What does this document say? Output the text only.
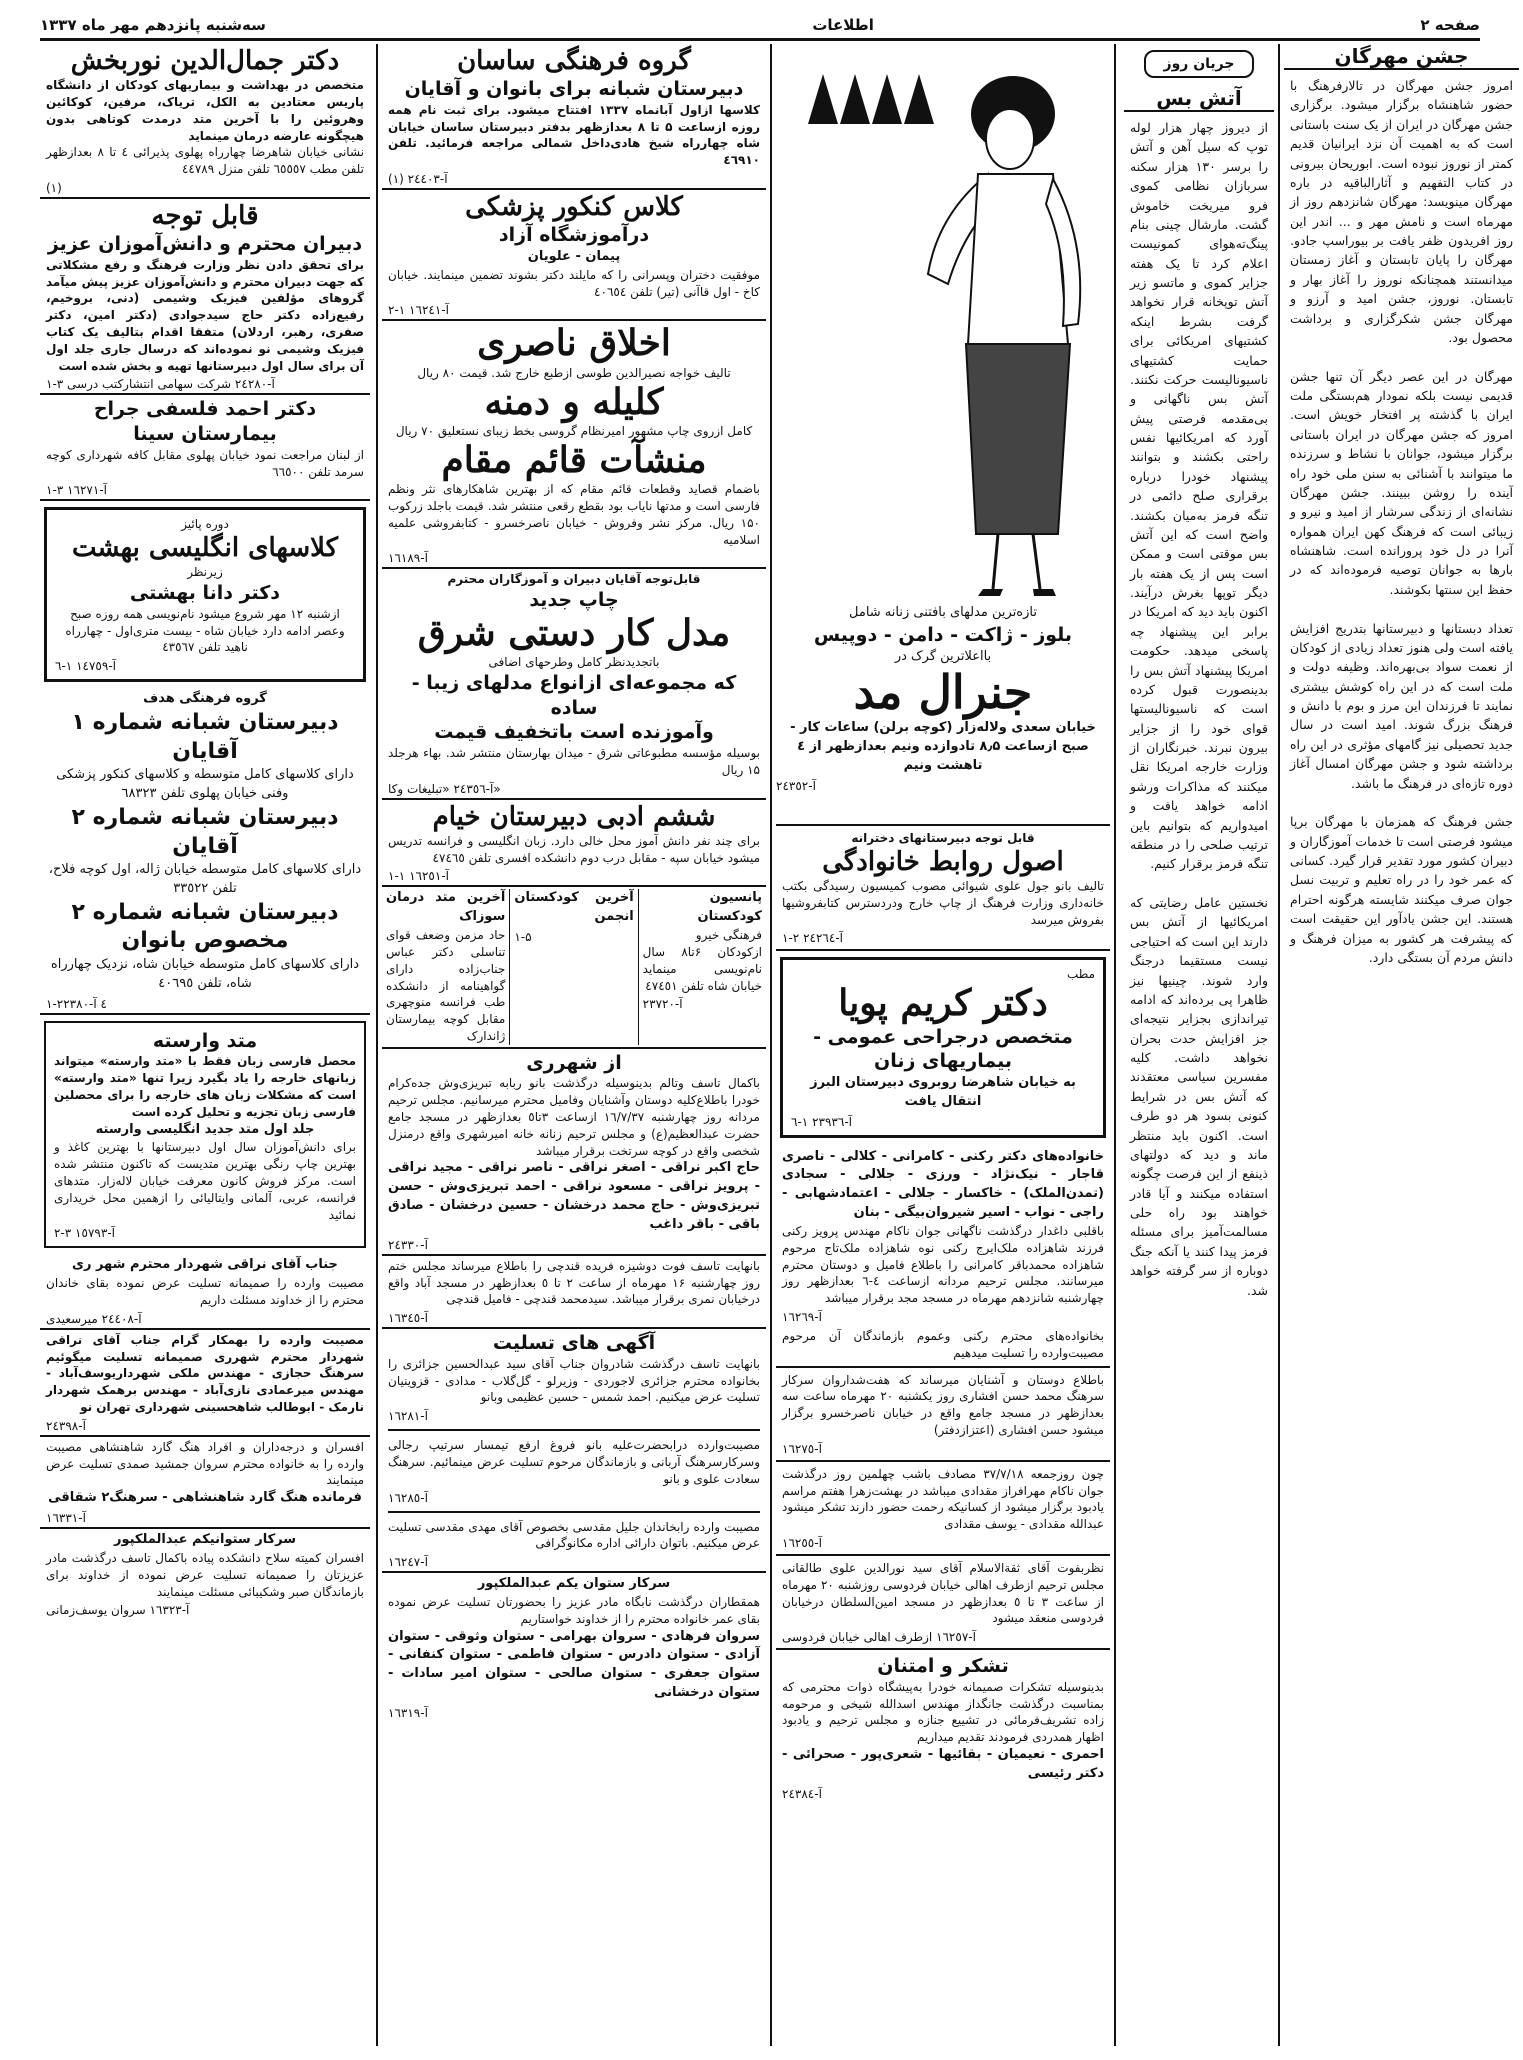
صفحه ۲
اطلاعات
سه‌شنبه پانزدهم مهر ماه ۱۳۳۷
جشن مهرگان
امروز جشن مهرگان در تالارفرهنگ با حضور شاهنشاه برگزار میشود. برگزاری جشن مهرگان در ایران از یک سنت باستانی است که به اهمیت آن نزد ایرانیان قدیم کمتر از نوروز نبوده است. ابوریحان بیرونی در کتاب التفهیم و آثارالباقیه در باره مهرگان مینویسد: مهرگان شانزدهم روز از مهرماه است و نامش مهر و ... اندر این روز افریدون ظفر یافت بر بیوراسپ جادو. مهرگان را پایان تابستان و آغاز زمستان میدانستند همچنانکه نوروز را آغاز بهار و تابستان. نوروز، جشن امید و آرزو و مهرگان جشن شکرگزاری و برداشت محصول بود.

مهرگان در این عصر دیگر آن تنها جشن قدیمی نیست بلکه نمودار هم‌بستگی ملت ایران با گذشته پر افتخار خویش است. امروز که جشن مهرگان در ایران باستانی برگزار میشود، جوانان با نشاط و سرزنده ما میتوانند با آشنائی به سنن ملی خود راه آینده را روشن ببینند. جشن مهرگان نشانه‌ای از زندگی سرشار از امید و نیرو و زیبائی است که فرهنگ کهن ایران همواره آنرا در دل خود پرورانده است. شاهنشاه بارها به جوانان توصیه فرموده‌اند که در حفظ این سنتها بکوشند.

تعداد دبستانها و دبیرستانها بتدریج افزایش یافته است ولی هنوز تعداد زیادی از کودکان از نعمت سواد بی‌بهره‌اند. وظیفه دولت و ملت است که در این راه کوشش بیشتری نمایند تا فرزندان این مرز و بوم با دانش و فرهنگ بزرگ شوند. امید است در سال جدید تحصیلی نیز گامهای مؤثری در این راه برداشته شود و جشن مهرگان امسال آغاز دوره تازه‌ای در فرهنگ ما باشد.

جشن فرهنگ که همزمان با مهرگان برپا میشود فرصتی است تا خدمات آموزگاران و دبیران کشور مورد تقدیر قرار گیرد. کسانی که عمر خود را در راه تعلیم و تربیت نسل جوان صرف میکنند شایسته هرگونه احترام هستند. این جشن یادآور این حقیقت است که پیشرفت هر کشور به میزان فرهنگ و دانش مردم آن بستگی دارد.
جریان روز
آتش بس
از دیروز چهار هزار لوله توپ که سیل آهن و آتش را برسر ۱۳۰ هزار سکنه سربازان نظامی کموی فرو میریخت خاموش گشت. مارشال چینی بنام پینگ‌ته‌هوای کمونیست اعلام کرد تا یک هفته جزایر کموی و ماتسو زیر آتش توپخانه قرار نخواهد گرفت بشرط اینکه کشتیهای امریکائی برای حمایت کشتیهای ناسیونالیست حرکت نکنند. آتش بس ناگهانی و بی‌مقدمه فرصتی پیش آورد که امریکائیها نفس راحتی بکشند و بتوانند پیشنهاد خودرا درباره برقراری صلح دائمی در تنگه فرمز به‌ميان بکشند. واضح است که این آتش بس موقتی است و ممکن است پس از یک هفته بار دیگر توپها بغرش درآیند. اکنون باید دید که امریکا در برابر این پیشنهاد چه پاسخی میدهد. حکومت امریکا پیشنهاد آتش بس را بدینصورت قبول کرده است که ناسیونالیستها قوای خود را از جزایر بیرون نبرند. خبرنگاران از وزارت خارجه امریکا نقل میکنند که مذاکرات ورشو ادامه خواهد یافت و امیدواریم که بتوانیم باین ترتیب صلحی را در منطقه تنگه فرمز برقرار کنیم.

نخستین عامل رضایتی که امریکائیها از آتش بس دارند این است که احتیاجی نیست مستقیما درجنگ وارد شوند. چینیها نیز ظاهرا پی برده‌اند که ادامه تیراندازی بجزایر نتیجه‌ای جز افزایش حدت بحران نخواهد داشت. کلیه مفسرین سیاسی معتقدند که آتش بس در شرایط کنونی بسود هر دو طرف است. اکنون باید منتظر ماند و دید که دولتهای ذینفع از این فرصت چگونه استفاده میکنند و آیا قادر خواهند بود راه حلی مسالمت‌آمیز برای مسئله فرمز پیدا کنند یا آنکه جنگ دوباره از سر گرفته خواهد شد.
تازه‌ترین مدلهای بافتنی زنانه شامل
بلوز - ژاکت - دامن - دوپیس
بااعلاترین گرک در
جنرال مد
خیابان سعدی ولاله‌زار (کوچه برلن) ساعات کار - صبح ازساعت ۸٫۵ تادوازده ونیم بعدازظهر از ٤ تاهشت ونیم
آ-٢٤٣٥٢
قابل توجه دبیرستانهای دخترانه
اصول روابط خانوادگی
تالیف بانو جول علوی شیوائی مصوب کمیسیون رسیدگی بکتب خانه‌داری وزارت فرهنگ از چاپ خارج ودردسترس کتابفروشیها بفروش میرسد
آ-٢٤٢٦٤ ۲-۱
مطب
دکتر کریم پویا
متخصص درجراحی عمومی - بیماریهای زنان
به خیابان شاهرضا روبروی دبیرستان البرز انتقال یافت
آ-٢٣٩٣٦ ۱-٦
خانواده‌های دکتر رکنی - کامرانی - کلالی - ناصری قاجار - نیک‌نژاد - ورزی - جلالی - سجادی (تمدن‌الملک) - خاکسار - جلالی - اعتمادشهابی - راجی - نواب - اسیر شیروان‌بیگی - بنان
باقلبی داغدار درگذشت ناگهانی جوان ناکام مهندس پرویز رکنی فرزند شاهزاده ملک‌ایرج رکنی نوه شاهزاده ملک‌تاج مرحوم شاهزاده محمدباقر کامرانی را باطلاع فامیل و دوستان محترم میرسانند. مجلس ترحیم مردانه ازساعت ٤-٦ بعدازظهر روز چهارشنبه شانزدهم مهرماه در مسجد مجد برقرار میباشد
آ-١٦٢٦٩
بخانواده‌های محترم رکنی وعموم بازماندگان آن مرحوم مصیبت‌وارده را تسلیت میدهیم
باطلاع دوستان و آشنایان میرساند که هفت‌شداروان سرکار سرهنگ محمد حسن افشاری روز یکشنبه ۲۰ مهرماه ساعت سه بعدازظهر در مسجد جامع واقع در خیابان ناصرخسرو برگزار میشود حسن افشاری (اعتزازدفتر)
آ-١٦٢٧٥
چون روزجمعه ٣٧/۷/١٨ مصادف باشب چهلمین روز درگذشت جوان ناکام مهرافراز مقدادی میباشد در بهشت‌زهرا هفتم مراسم یادبود برگزار میشود از کسانیکه رحمت حضور دارند تشکر میشود عبدالله مقدادی - یوسف مقدادی
آ-١٦٢٥٥
نظربفوت آقای ثقة‌الاسلام آقای سید نورالدین علوی طالقانی مجلس ترحیم ازطرف اهالی خیابان فردوسی روزشنبه ۲۰ مهرماه از ساعت ٣ تا ٥ بعدازظهر در مسجد امین‌السلطان درخیابان فردوسی منعقد میشود
آ-١٦٢٥۷ ازطرف اهالی خیابان فردوسی
تشکر و امتنان
بدینوسیله تشکرات صمیمانه خودرا به‌پیشگاه ذوات محترمی که بمناسبت درگذشت جانگداز مهندس اسدالله شیخی و مرحومه زاده تشریف‌فرمائی در تشییع جنازه و مجلس ترحیم و یادبود اظهار همدردی فرمودند تقدیم میداریم
احمری - نعیمیان - بقائیها - شعری‌پور - صحرائی - دکتر رئیسی
آ-٢٤٣٨٤
گروه فرهنگی ساسان
دبیرستان شبانه برای بانوان و آقایان
کلاسها ازاول آبانماه ۱۳۳۷ افتتاح میشود. برای ثبت نام همه روزه ازساعت ۵ تا ٨ بعدازظهر بدفتر دبیرستان ساسان خیابان شاه چهارراه شیخ هادی‌داخل شمالی مراجعه فرمائید. تلفن ٤٦٩١٠
آ-٢٤٤٠٣ (۱)
کلاس کنکور پزشکی
درآموزشگاه آزاد
پیمان - علویان
موفقیت دختران وپسرانی را که مایلند دکتر بشوند تضمین مینمایند. خیابان کاخ - اول قاآنی (تیر) تلفن ٤٠٦٥٤
۲-۱ آ-١٦٢٤١
اخلاق ناصری
تالیف خواجه نصیرالدین طوسی ازطبع خارج شد. قیمت ۸۰ ریال
کلیله و دمنه
کامل ازروی چاپ مشهور امیرنظام گروسی بخط زیبای نستعلیق ۷۰ ریال
منشآت قائم مقام
باضمام قصاید وقطعات قائم مقام که از بهترین شاهکارهای نثر ونظم فارسی است و مدتها نایاب بود بقطع رقعی منتشر شد. قیمت باجلد زرکوب ۱۵۰ ریال. مرکز نشر وفروش - خیابان ناصرخسرو - کتابفروشی علمیه اسلامیه
آ-١٦١٨٩
قابل‌توجه آقایان دبیران و آموزگاران محترم
چاپ جدید
مدل کار دستی شرق
باتجدیدنظر کامل وطرحهای اضافی
که مجموعه‌ای ازانواع مدلهای زیبا - ساده
وآموزنده است باتخفیف قیمت
بوسیله مؤسسه مطبوعاتی شرق - میدان بهارستان منتشر شد. بهاء هرجلد ۱۵ ریال
آ-٢٤٣٥٦ «تبلیغات وکا»
ششم ادبی دبیرستان خیام
برای چند نفر دانش آموز محل خالی دارد. زبان انگلیسی و فرانسه تدریس میشود خیابان سپه - مقابل درب دوم دانشکده افسری تلفن ٤٧٤٦٥
آ-١٦٢٥١ ۱-۱
پانسیون کودکستان
فرهنگی خیرو
ازکودکان ۶تا۸ سال نام‌نویسی مینماید خیابان شاه تلفن ٤٧٤٥١
آ-٢٣٧٢۰
آخرین کودکستان انجمن
۱-۵
آخرین متد درمان سوزاک
حاد مزمن وضعف قوای تناسلی دکتر عباس جناب‌زاده دارای گواهینامه از دانشکده طب فرانسه منوچهری مقابل کوچه بیمارستان ژاندارک
از شهرری
باکمال تاسف وتالم بدینوسیله درگذشت بانو ربابه تبریزی‌وش جده‌کرام خودرا باطلاع‌کلیه دوستان وآشنایان وفامیل محترم میرسانیم. مجلس ترحیم مردانه روز چهارشنبه ١٦/۷/٣۷ ازساعت ٣تا٥ بعدازظهر در مسجد جامع حضرت عبدالعظیم(ع) و مجلس ترحیم زنانه خانه امیرشهری واقع درمنزل شخصی واقع در کوچه سرتخت برقرار میباشد
حاج اکبر نراقی - اصغر نراقی - ناصر نراقی - مجید نراقی - پرویز نراقی - مسعود نراقی - احمد تبریزی‌وش - حسن تبریزی‌وش - حاج محمد درخشان - حسین درخشان - صادق باقی - باقر داغب
آ-٢٤٣٣٠
بانهایت تاسف فوت دوشیزه فریده قندچی را باطلاع میرساند مجلس ختم روز چهارشنبه ۱۶ مهرماه از ساعت ۲ تا ٥ بعدازظهر در مسجد آباد واقع درخیابان نمری برقرار میباشد. سیدمحمد قندچی - فامیل قندچی
آ-١٦٣٤٥
آگهی های تسلیت
بانهایت تاسف درگذشت شادروان جناب آقای سید عبدالحسین جزائری را بخانواده محترم جزائری لاجوردی - وزیرلو - گل‌گلاب - مدادی - قزوینیان تسلیت عرض میکنیم. احمد شمس - حسین عظیمی وبانو
آ-١٦٢٨١
مصیبت‌وارده درابحضرت‌علیه بانو فروغ ارفع تیمسار سرتیپ رجالی وسرکارسرهنگ آربانی و بازماندگان مرحوم تسلیت عرض مینمائیم. سرهنگ سعادت علوی و بانو
آ-١٦٢٨٥
مصیبت وارده رابخاندان جلیل مقدسی بخصوص آقای مهدی مقدسی تسلیت عرض میکنیم. باتوان دارائی اداره مکانوگرافی
آ-١٦٢٤٧
سرکار ستوان یکم عبدالملکپور
همقطاران درگذشت نابگاه مادر عزیز را بحضورتان تسلیت عرض نموده بقای عمر خانواده محترم را از خداوند خواستاریم
سروان فرهادی - سروان بهرامی - ستوان وثوقی - ستوان آزادی - ستوان دادرس - ستوان فاطمی - ستوان کنفانی - ستوان جعفری - ستوان صالحی - ستوان امیر سادات - ستوان درخشانی
آ-١٦٣١٩
دکتر جمال‌الدین نوربخش
متخصص در بهداشت و بیماریهای کودکان از دانشگاه پاریس معتادین به الکل، تریاک، مرفین، کوکائین وهروئین را با آخرین متد درمدت کوتاهی بدون هیچگونه عارضه درمان مینماید
نشانی خیابان شاهرضا چهارراه پهلوی پذیرائی ٤ تا ٨ بعدازظهر تلفن مطب ٦٥٥٥٧ تلفن منزل ٤٤٧٨٩
(۱)
قابل توجه
دبیران محترم و دانش‌آموزان عزیز
برای تحقق دادن نظر وزارت فرهنگ و رفع مشکلاتی که جهت دبیران محترم و دانش‌آموزان عزیز پیش میآمد گروهای مؤلفین فیزیک وشیمی (دنی، بروخیم، رفیع‌زاده دکتر حاج سیدجوادی (دکتر امین، دکتر صفری، رهبر، اردلان) متفقا اقدام بتالیف یک کتاب فیزیک وشیمی نو نموده‌اند که درسال جاری جلد اول آن برای سال اول دبیرستانها تهیه و بخش شده است
۱-۳ آ-۲٤۲٨۰ شرکت سهامی انتشارکتب درسی
دکتر احمد فلسفی جراح بیمارستان سینا
از لبنان مراجعت نمود خیابان پهلوی مقابل کافه شهرداری کوچه سرمد تلفن ٦٦٥۰٠
۱-۳ آ-١٦٢٧١
دوره پائیز
کلاسهای انگلیسی بهشت
زیرنظر
دکتر دانا بهشتی
ازشنبه ۱۲ مهر شروع میشود نام‌نویسی همه روزه صبح وعصر ادامه دارد خیابان شاه - بیست متری‌اول - چهارراه ناهید تلفن ٤٣٥٦٧
آ-١٤٧٥٩ ۱-٦
گروه فرهنگی هدف
دبیرستان شبانه شماره ۱ آقایان
دارای کلاسهای کامل متوسطه و کلاسهای کنکور پزشکی وفنی خیابان پهلوی تلفن ٦٨٣٢٣
دبیرستان شبانه شماره ۲ آقایان
دارای کلاسهای کامل متوسطه خیابان ژاله، اول کوچه فلاح، تلفن ٣٣٥٢٢
دبیرستان شبانه شماره ۲
مخصوص بانوان
دارای کلاسهای کامل متوسطه خیابان شاه، نزدیک چهارراه شاه، تلفن ٤٠٦٩٥
۱-٤ آ-٢٢٣٨۰
متد وارسته
محصل فارسی زبان فقط با «متد وارسته» میتواند زبانهای خارجه را یاد بگیرد زیرا تنها «متد وارسته» است که مشکلات زبان های خارجه را برای محصلین فارسی زبان تجزیه و تحلیل کرده است
جلد اول متد جدید انگلیسی وارسته
برای دانش‌آموزان سال اول دبیرستانها با بهترین کاغذ و بهترین چاپ رنگی بهترین متدیست که تاکنون منتشر شده است. مرکز فروش کانون معرفت خیابان لاله‌زار. متدهای فرانسه، عربی، آلمانی وایتالیائی را ازهمین محل خریداری نمائید
۲-۳ آ-١٥٧٩٣
جناب آقای نراقی شهردار محترم شهر ری
مصیبت وارده را صمیمانه تسلیت عرض نموده بقای خاندان محترم را از خداوند مسئلت داریم
آ-٢٤٤٠٨ میرسعیدی
مصیبت وارده را بهمکار گرام جناب آقای نراقی شهردار محترم شهرری صمیمانه تسلیت میگوئیم سرهنگ حجازی - مهندس ملکی شهرداریوسف‌آباد - مهندس میرعمادی نازی‌آباد - مهندس برهمک شهردار نارمک - ابوطالب شاهحسینی شهرداری تهران نو
آ-٢٤٣٩٨
افسران و درجه‌داران و افراد هنگ گارد شاهنشاهی مصیبت وارده را به خانواده محترم سروان جمشید صمدی تسلیت عرض مینمایند
فرمانده هنگ گارد شاهنشاهی - سرهنگ۲ شقاقی
آ-١٦٣٣١
سرکار ستوانیکم عبدالملکپور
افسران کمیته سلاح دانشکده پیاده باکمال تاسف درگذشت مادر عزیزتان را صمیمانه تسلیت عرض نموده از خداوند برای بازماندگان صبر وشکیبائی مسئلت مینمایند
آ-١٦٣٢٣ سروان یوسف‌زمانی
